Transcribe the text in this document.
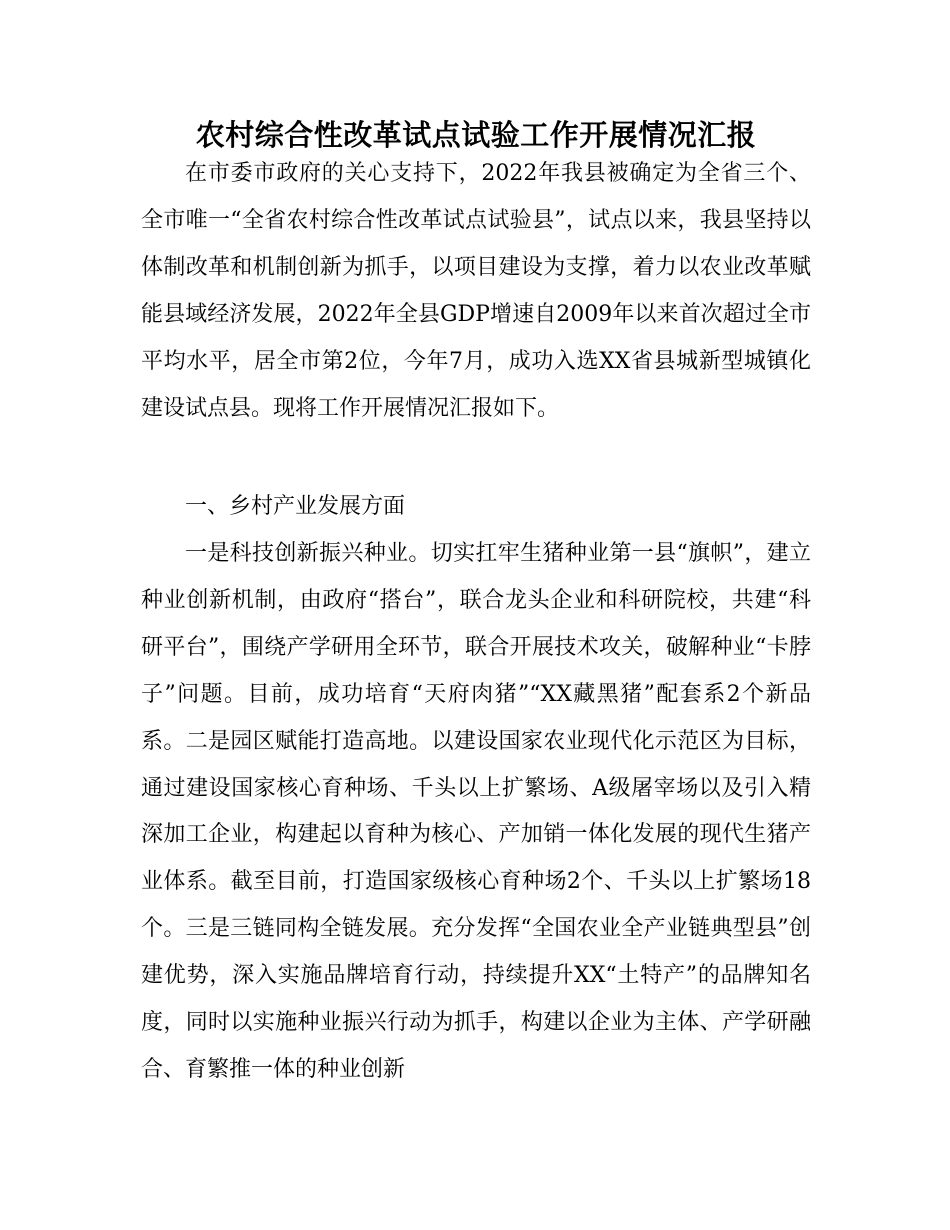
农村综合性改革试点试验工作开展情况汇报

在市委市政府的关心支持下，2022年我县被确定为全省三个、全市唯一“全省农村综合性改革试点试验县”，试点以来，我县坚持以体制改革和机制创新为抓手，以项目建设为支撑，着力以农业改革赋能县域经济发展，2022年全县GDP增速自2009年以来首次超过全市平均水平，居全市第2位，今年7月，成功入选XX省县城新型城镇化建设试点县。现将工作开展情况汇报如下。

一、乡村产业发展方面

一是科技创新振兴种业。切实扛牢生猪种业第一县“旗帜”，建立种业创新机制，由政府“搭台”，联合龙头企业和科研院校，共建“科研平台”，围绕产学研用全环节，联合开展技术攻关，破解种业“卡脖子”问题。目前，成功培育“天府肉猪”“XX藏黑猪”配套系2个新品系。二是园区赋能打造高地。以建设国家农业现代化示范区为目标，通过建设国家核心育种场、千头以上扩繁场、A级屠宰场以及引入精深加工企业，构建起以育种为核心、产加销一体化发展的现代生猪产业体系。截至目前，打造国家级核心育种场2个、千头以上扩繁场18个。三是三链同构全链发展。充分发挥“全国农业全产业链典型县”创建优势，深入实施品牌培育行动，持续提升XX“土特产”的品牌知名度，同时以实施种业振兴行动为抓手，构建以企业为主体、产学研融合、育繁推一体的种业创新
